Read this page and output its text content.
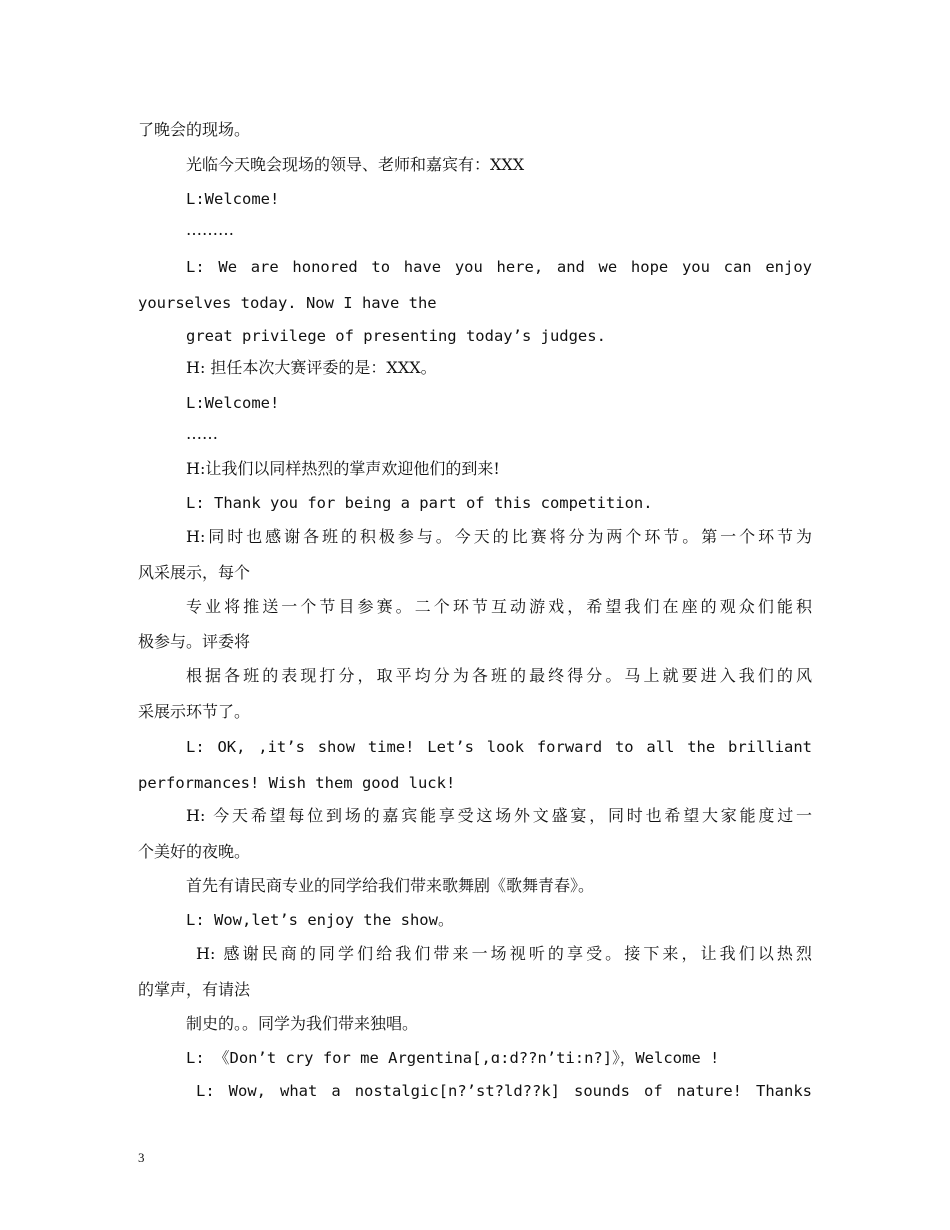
了晚会的现场。
光临今天晚会现场的领导、老师和嘉宾有：XXX
L:Welcome!
………
L: We are honored to have you here, and we hope you can enjoy
yourselves today. Now I have the
great privilege of presenting today’s judges.
H: 担任本次大赛评委的是：XXX。
L:Welcome!
……
H:让我们以同样热烈的掌声欢迎他们的到来!
L: Thank you for being a part of this competition.
H:同时也感谢各班的积极参与。今天的比赛将分为两个环节。第一个环节为
风采展示，每个
专业将推送一个节目参赛。二个环节互动游戏，希望我们在座的观众们能积
极参与。评委将
根据各班的表现打分，取平均分为各班的最终得分。马上就要进入我们的风
采展示环节了。
L: OK, ,it’s show time! Let’s look forward to all the brilliant
performances! Wish them good luck!
H: 今天希望每位到场的嘉宾能享受这场外文盛宴，同时也希望大家能度过一
个美好的夜晚。
首先有请民商专业的同学给我们带来歌舞剧《歌舞青春》。
L: Wow,let’s enjoy the show。
H: 感谢民商的同学们给我们带来一场视听的享受。接下来，让我们以热烈
的掌声，有请法
制史的。。同学为我们带来独唱。
L: 《Don’t cry for me Argentina[,ɑ:d??n’ti:n?]》，Welcome !
L: Wow, what a nostalgic[n?’st?ld??k] sounds of nature! Thanks
3
